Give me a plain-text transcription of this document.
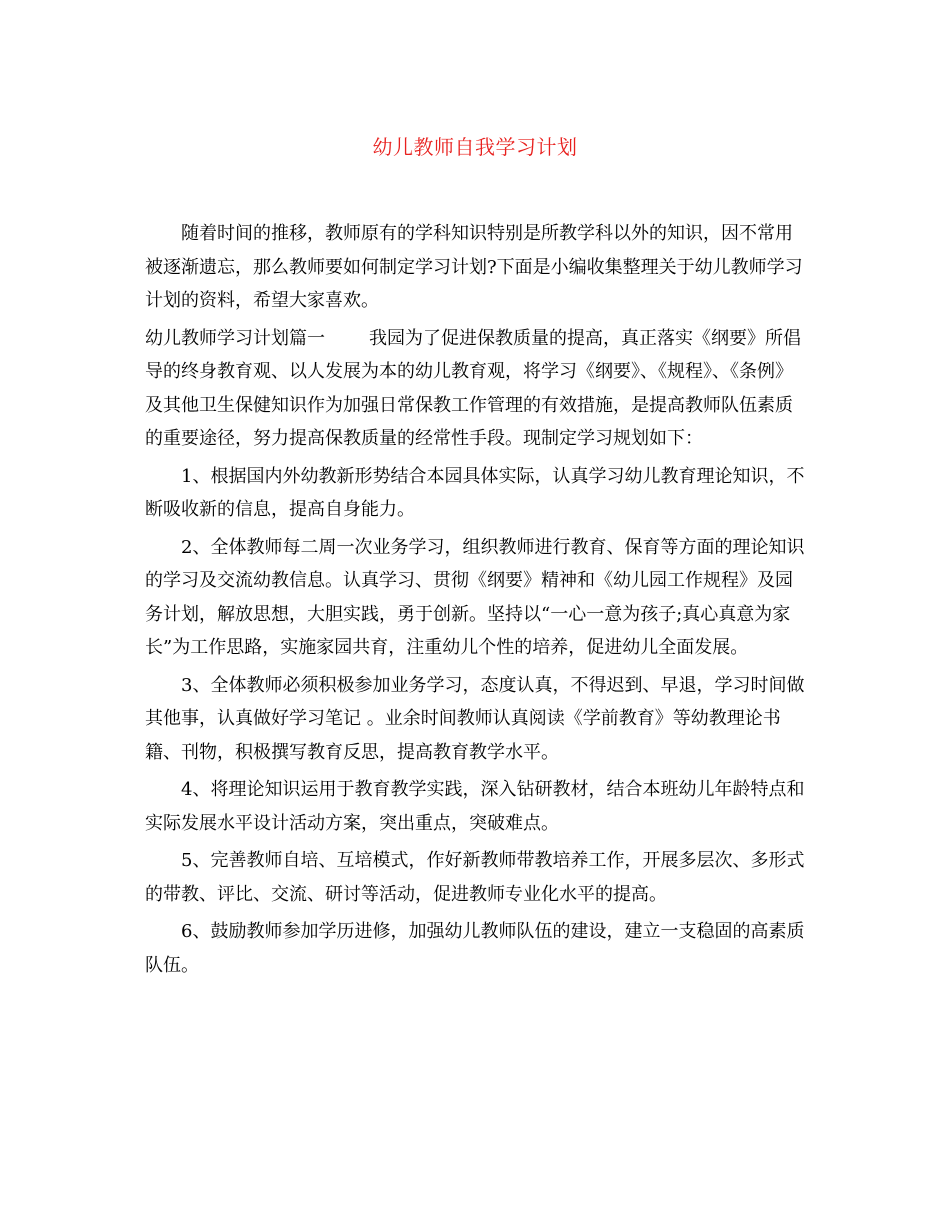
幼儿教师自我学习计划

随着时间的推移，教师原有的学科知识特别是所教学科以外的知识，因不常用被逐渐遗忘，那么教师要如何制定学习计划?下面是小编收集整理关于幼儿教师学习计划的资料，希望大家喜欢。

幼儿教师学习计划篇一 我园为了促进保教质量的提高，真正落实《纲要》所倡导的终身教育观、以人发展为本的幼儿教育观，将学习《纲要》、《规程》、《条例》及其他卫生保健知识作为加强日常保教工作管理的有效措施，是提高教师队伍素质的重要途径，努力提高保教质量的经常性手段。现制定学习规划如下：

1、根据国内外幼教新形势结合本园具体实际，认真学习幼儿教育理论知识，不断吸收新的信息，提高自身能力。

2、全体教师每二周一次业务学习，组织教师进行教育、保育等方面的理论知识的学习及交流幼教信息。认真学习、贯彻《纲要》精神和《幼儿园工作规程》及园务计划，解放思想，大胆实践，勇于创新。坚持以“一心一意为孩子;真心真意为家长”为工作思路，实施家园共育，注重幼儿个性的培养，促进幼儿全面发展。

3、全体教师必须积极参加业务学习，态度认真，不得迟到、早退，学习时间做其他事，认真做好学习笔记 。业余时间教师认真阅读《学前教育》等幼教理论书籍、刊物，积极撰写教育反思，提高教育教学水平。

4、将理论知识运用于教育教学实践，深入钻研教材，结合本班幼儿年龄特点和实际发展水平设计活动方案，突出重点，突破难点。

5、完善教师自培、互培模式，作好新教师带教培养工作，开展多层次、多形式的带教、评比、交流、研讨等活动，促进教师专业化水平的提高。

6、鼓励教师参加学历进修，加强幼儿教师队伍的建设，建立一支稳固的高素质队伍。
